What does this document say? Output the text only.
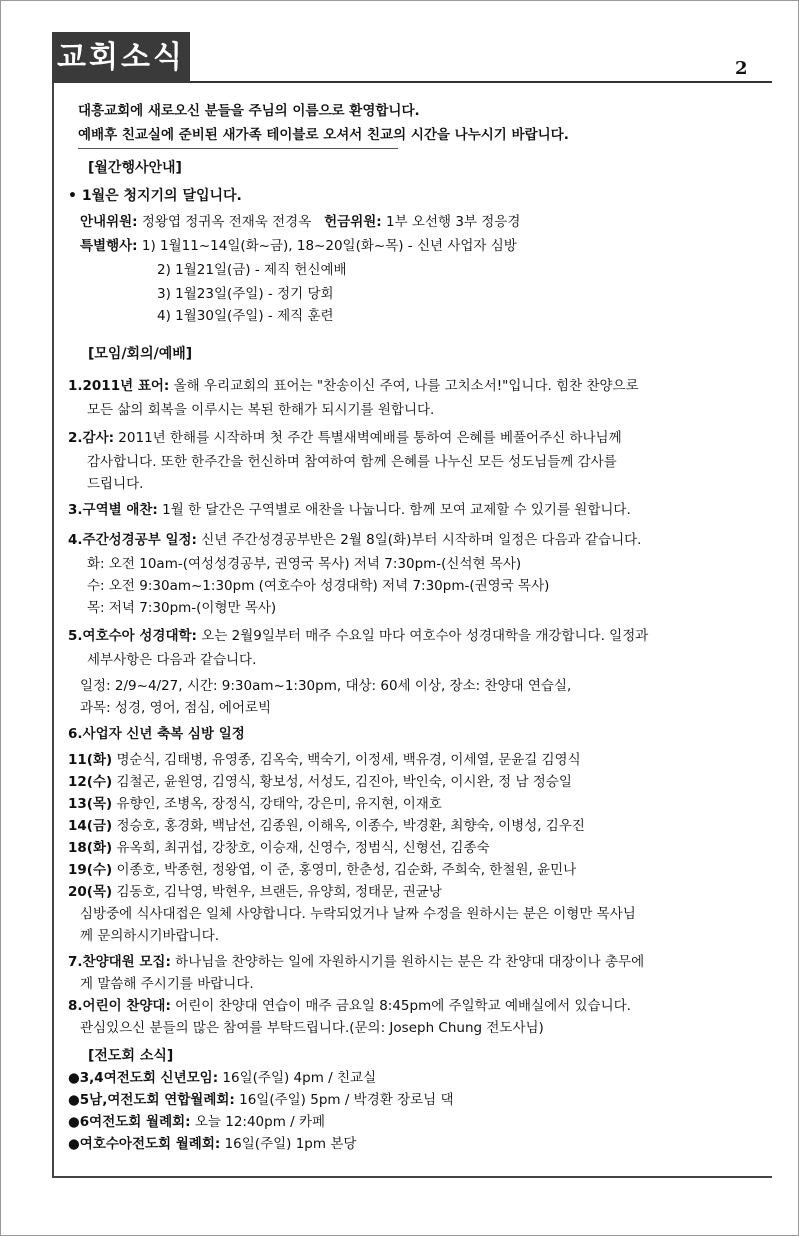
교회소식	2
대흥교회에 새로오신 분들을 주님의 이름으로 환영합니다.
예배후 친교실에 준비된 새가족 테이블로 오셔서 친교의 시간을 나누시기 바랍니다.
[월간행사안내]
• 1월은 청지기의 달입니다.
안내위원: 정왕엽 정귀옥 전재욱 전경옥 헌금위원: 1부 오선행 3부 정응경
특별행사: 1) 1월11~14일(화~금), 18~20일(화~목) - 신년 사업자 심방
2) 1월21일(금) - 제직 헌신예배
3) 1월23일(주일) - 정기 당회
4) 1월30일(주일) - 제직 훈련
[모임/회의/예배]
1.2011년 표어: 올해 우리교회의 표어는 "찬송이신 주여, 나를 고치소서!"입니다. 힘찬 찬양으로
모든 삶의 회복을 이루시는 복된 한해가 되시기를 원합니다.
2.감사: 2011년 한해를 시작하며 첫 주간 특별새벽예배를 통하여 은혜를 베풀어주신 하나님께
감사합니다. 또한 한주간을 헌신하며 참여하여 함께 은혜를 나누신 모든 성도님들께 감사를
드립니다.
3.구역별 애찬: 1월 한 달간은 구역별로 애찬을 나눕니다. 함께 모여 교제할 수 있기를 원합니다.
4.주간성경공부 일정: 신년 주간성경공부반은 2월 8일(화)부터 시작하며 일정은 다음과 같습니다.
화: 오전 10am-(여성성경공부, 권영국 목사) 저녁 7:30pm-(신석현 목사)
수: 오전 9:30am~1:30pm (여호수아 성경대학) 저녁 7:30pm-(권영국 목사)
목: 저녁 7:30pm-(이형만 목사)
5.여호수아 성경대학: 오는 2월9일부터 매주 수요일 마다 여호수아 성경대학을 개강합니다. 일정과
세부사항은 다음과 같습니다.
일정: 2/9~4/27, 시간: 9:30am~1:30pm, 대상: 60세 이상, 장소: 찬양대 연습실,
과목: 성경, 영어, 점심, 에어로빅
6.사업자 신년 축복 심방 일정
11(화) 명순식, 김태병, 유영종, 김옥숙, 백숙기, 이정세, 백유경, 이세열, 문윤길 김영식
12(수) 김철곤, 윤원영, 김영식, 황보성, 서성도, 김진아, 박인숙, 이시완, 정 남 정승일
13(목) 유향인, 조병옥, 장정식, 강태악, 강은미, 유지현, 이재호
14(금) 정승호, 홍경화, 백남선, 김종원, 이해옥, 이종수, 박경환, 최향숙, 이병성, 김우진
18(화) 유옥희, 최귀섭, 강창호, 이승재, 신영수, 정범식, 신형선, 김종숙
19(수) 이종호, 박종현, 정왕엽, 이 준, 홍영미, 한춘성, 김순화, 주희숙, 한철원, 윤민나
20(목) 김동호, 김낙영, 박현우, 브랜든, 유양희, 정태문, 권균낭
심방중에 식사대접은 일체 사양합니다. 누락되었거나 날짜 수정을 원하시는 분은 이형만 목사님
께 문의하시기바랍니다.
7.찬양대원 모집: 하나님을 찬양하는 일에 자원하시기를 원하시는 분은 각 찬양대 대장이나 총무에
게 말씀해 주시기를 바랍니다.
8.어린이 찬양대: 어린이 찬양대 연습이 매주 금요일 8:45pm에 주일학교 예배실에서 있습니다.
관심있으신 분들의 많은 참여를 부탁드립니다.(문의: Joseph Chung 전도사님)
[전도회 소식]
●3,4여전도회 신년모임: 16일(주일) 4pm / 친교실
●5남,여전도회 연합월례회: 16일(주일) 5pm / 박경환 장로님 댁
●6여전도회 월례회: 오늘 12:40pm / 카페
●여호수아전도회 월례회: 16일(주일) 1pm 본당
